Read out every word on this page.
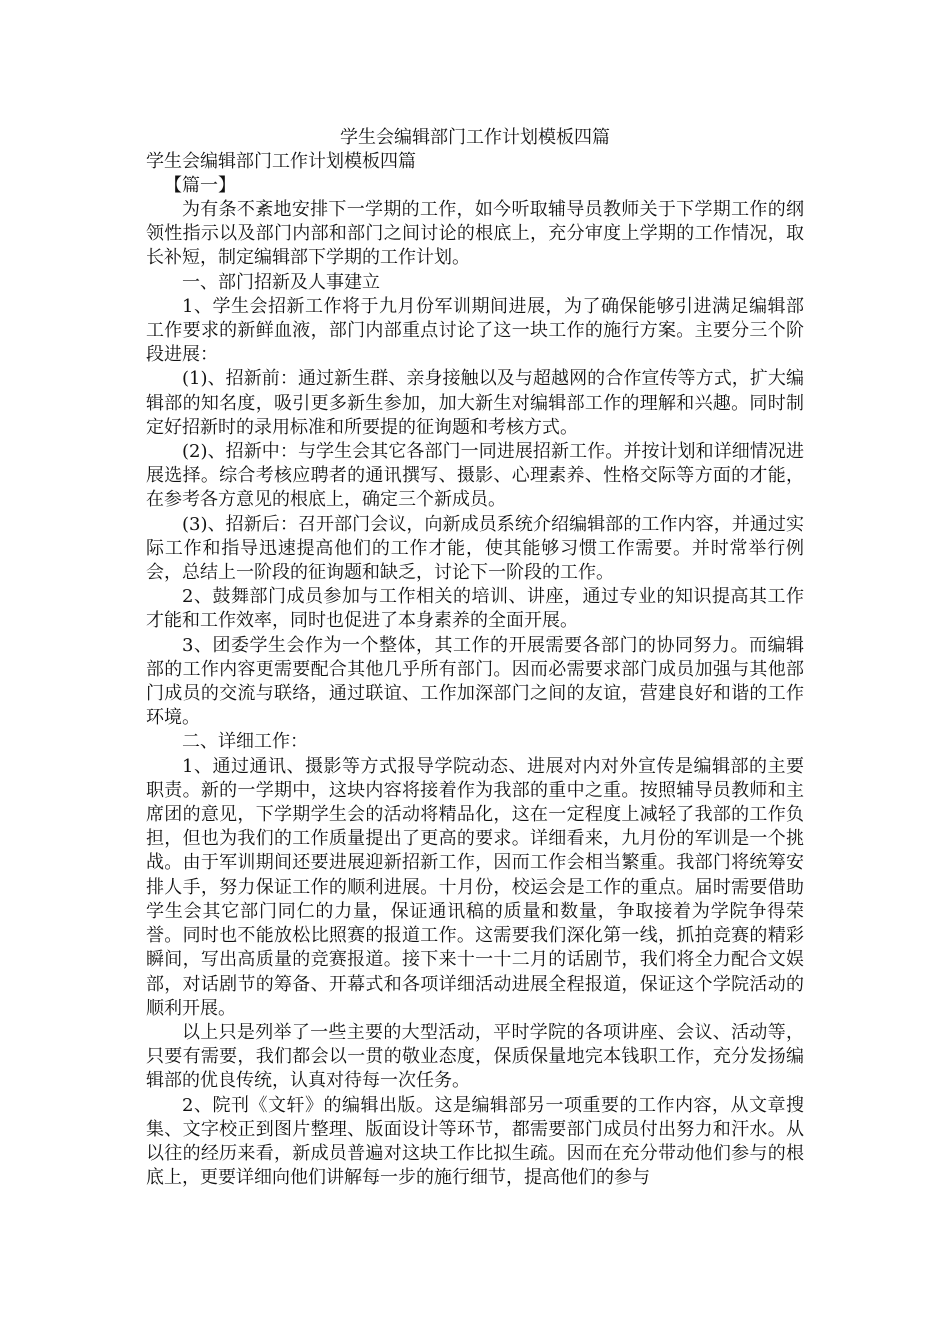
学生会编辑部门工作计划模板四篇

学生会编辑部门工作计划模板四篇

【篇一】

为有条不紊地安排下一学期的工作，如今听取辅导员教师关于下学期工作的纲领性指示以及部门内部和部门之间讨论的根底上，充分审度上学期的工作情况，取长补短，制定编辑部下学期的工作计划。

一、部门招新及人事建立

1、学生会招新工作将于九月份军训期间进展，为了确保能够引进满足编辑部工作要求的新鲜血液，部门内部重点讨论了这一块工作的施行方案。主要分三个阶段进展：

(1)、招新前：通过新生群、亲身接触以及与超越网的合作宣传等方式，扩大编辑部的知名度，吸引更多新生参加，加大新生对编辑部工作的理解和兴趣。同时制定好招新时的录用标准和所要提的征询题和考核方式。

(2)、招新中：与学生会其它各部门一同进展招新工作。并按计划和详细情况进展选择。综合考核应聘者的通讯撰写、摄影、心理素养、性格交际等方面的才能，在参考各方意见的根底上，确定三个新成员。

(3)、招新后：召开部门会议，向新成员系统介绍编辑部的工作内容，并通过实际工作和指导迅速提高他们的工作才能，使其能够习惯工作需要。并时常举行例会，总结上一阶段的征询题和缺乏，讨论下一阶段的工作。

2、鼓舞部门成员参加与工作相关的培训、讲座，通过专业的知识提高其工作才能和工作效率，同时也促进了本身素养的全面开展。

3、团委学生会作为一个整体，其工作的开展需要各部门的协同努力。而编辑部的工作内容更需要配合其他几乎所有部门。因而必需要求部门成员加强与其他部门成员的交流与联络，通过联谊、工作加深部门之间的友谊，营建良好和谐的工作环境。

二、详细工作：

1、通过通讯、摄影等方式报导学院动态、进展对内对外宣传是编辑部的主要职责。新的一学期中，这块内容将接着作为我部的重中之重。按照辅导员教师和主席团的意见，下学期学生会的活动将精品化，这在一定程度上减轻了我部的工作负担，但也为我们的工作质量提出了更高的要求。详细看来，九月份的军训是一个挑战。由于军训期间还要进展迎新招新工作，因而工作会相当繁重。我部门将统筹安排人手，努力保证工作的顺利进展。十月份，校运会是工作的重点。届时需要借助学生会其它部门同仁的力量，保证通讯稿的质量和数量，争取接着为学院争得荣誉。同时也不能放松比照赛的报道工作。这需要我们深化第一线，抓拍竞赛的精彩瞬间，写出高质量的竞赛报道。接下来十一十二月的话剧节，我们将全力配合文娱部，对话剧节的筹备、开幕式和各项详细活动进展全程报道，保证这个学院活动的顺利开展。

以上只是列举了一些主要的大型活动，平时学院的各项讲座、会议、活动等，只要有需要，我们都会以一贯的敬业态度，保质保量地完本钱职工作，充分发扬编辑部的优良传统，认真对待每一次任务。

2、院刊《文轩》的编辑出版。这是编辑部另一项重要的工作内容，从文章搜集、文字校正到图片整理、版面设计等环节，都需要部门成员付出努力和汗水。从以往的经历来看，新成员普遍对这块工作比拟生疏。因而在充分带动他们参与的根底上，更要详细向他们讲解每一步的施行细节，提高他们的参与
